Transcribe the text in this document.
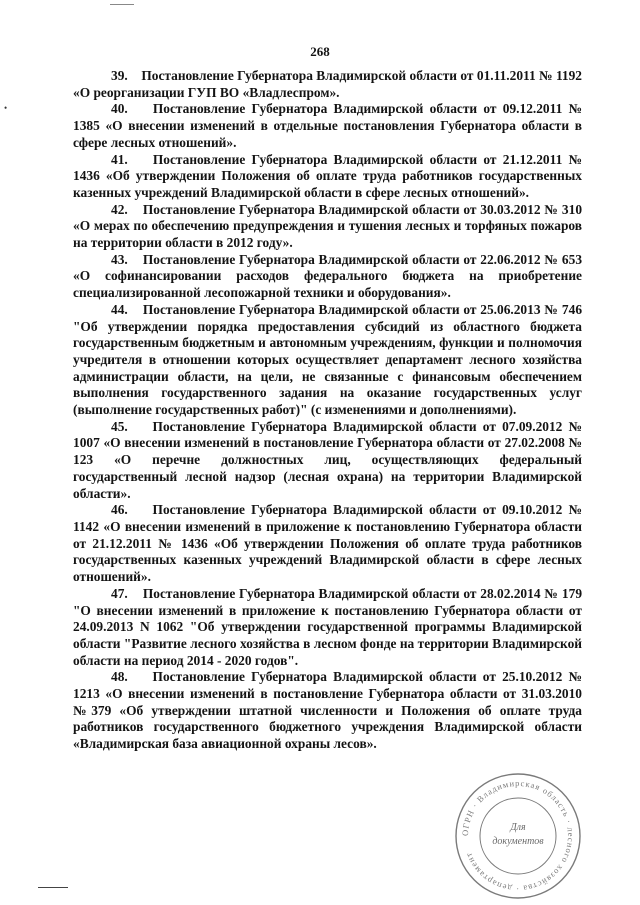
•
268

39. Постановление Губернатора Владимирской области от 01.11.2011 № 1192 «О реорганизации ГУП ВО «Владлеспром».

40. Постановление Губернатора Владимирской области от 09.12.2011 № 1385 «О внесении изменений в отдельные постановления Губернатора области в сфере лесных отношений».

41. Постановление Губернатора Владимирской области от 21.12.2011 № 1436 «Об утверждении Положения об оплате труда работников государственных казенных учреждений Владимирской области в сфере лесных отношений».

42. Постановление Губернатора Владимирской области от 30.03.2012 № 310 «О мерах по обеспечению предупреждения и тушения лесных и торфяных пожаров на территории области в 2012 году».

43. Постановление Губернатора Владимирской области от 22.06.2012 № 653 «О софинансировании расходов федерального бюджета на приобретение специализированной лесопожарной техники и оборудования».

44. Постановление Губернатора Владимирской области от 25.06.2013 № 746 "Об утверждении порядка предоставления субсидий из областного бюджета государственным бюджетным и автономным учреждениям, функции и полномочия учредителя в отношении которых осуществляет департамент лесного хозяйства администрации области, на цели, не связанные с финансовым обеспечением выполнения государственного задания на оказание государственных услуг (выполнение государственных работ)" (с изменениями и дополнениями).

45. Постановление Губернатора Владимирской области от 07.09.2012 № 1007 «О внесении изменений в постановление Губернатора области от 27.02.2008 № 123 «О перечне должностных лиц, осуществляющих федеральный государственный лесной надзор (лесная охрана) на территории Владимирской области».

46. Постановление Губернатора Владимирской области от 09.10.2012 № 1142 «О внесении изменений в приложение к постановлению Губернатора области от 21.12.2011 № 1436 «Об утверждении Положения об оплате труда работников государственных казенных учреждений Владимирской области в сфере лесных отношений».

47. Постановление Губернатора Владимирской области от 28.02.2014 № 179 "О внесении изменений в приложение к постановлению Губернатора области от 24.09.2013 N 1062 "Об утверждении государственной программы Владимирской области "Развитие лесного хозяйства в лесном фонде на территории Владимирской области на период 2014 - 2020 годов".

48. Постановление Губернатора Владимирской области от 25.10.2012 № 1213 «О внесении изменений в постановление Губернатора области от 31.03.2010 №379 «Об утверждении штатной численности и Положения об оплате труда работников государственного бюджетного учреждения Владимирской области «Владимирская база авиационной охраны лесов».

ОГРН · Владимирская область · лесного хозяйства · департамент
Для
документов
